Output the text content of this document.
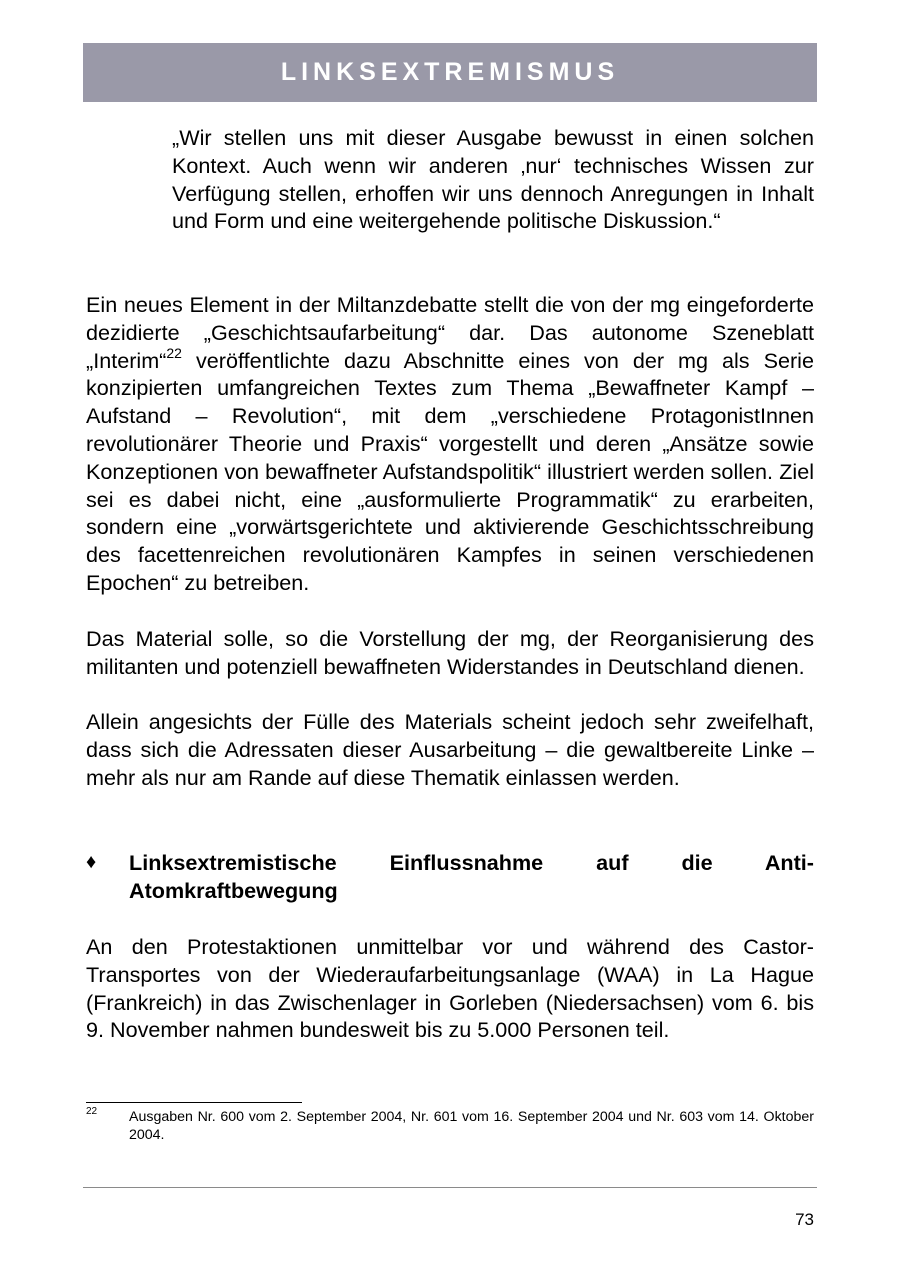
LINKSEXTREMISMUS

„Wir stellen uns mit dieser Ausgabe bewusst in einen solchen Kontext. Auch wenn wir anderen ‚nur‘ technisches Wissen zur Verfügung stellen, erhoffen wir uns dennoch Anregungen in Inhalt und Form und eine weitergehende politische Diskussion.“

Ein neues Element in der Miltanzdebatte stellt die von der mg eingeforderte dezidierte „Geschichtsaufarbeitung“ dar. Das autonome Szeneblatt „Interim“$^{22}$ veröffentlichte dazu Abschnitte eines von der mg als Serie konzipierten umfangreichen Textes zum Thema „Bewaffneter Kampf – Aufstand – Revolution“, mit dem „verschiedene ProtagonistInnen revolutionärer Theorie und Praxis“ vorgestellt und deren „Ansätze sowie Konzeptionen von bewaffneter Aufstandspolitik“ illustriert werden sollen. Ziel sei es dabei nicht, eine „ausformulierte Programmatik“ zu erarbeiten, sondern eine „vorwärtsgerichtete und aktivierende Geschichtsschreibung des facettenreichen revolutionären Kampfes in seinen verschiedenen Epochen“ zu betreiben.

Das Material solle, so die Vorstellung der mg, der Reorganisierung des militanten und potenziell bewaffneten Widerstandes in Deutschland dienen.

Allein angesichts der Fülle des Materials scheint jedoch sehr zweifelhaft, dass sich die Adressaten dieser Ausarbeitung – die gewaltbereite Linke – mehr als nur am Rande auf diese Thematik einlassen werden.

♦ Linksextremistische Einflussnahme auf die Anti-Atomkraftbewegung

An den Protestaktionen unmittelbar vor und während des Castor-Transportes von der Wiederaufarbeitungsanlage (WAA) in La Hague (Frankreich) in das Zwischenlager in Gorleben (Niedersachsen) vom 6. bis 9. November nahmen bundesweit bis zu 5.000 Personen teil.

22 Ausgaben Nr. 600 vom 2. September 2004, Nr. 601 vom 16. September 2004 und Nr. 603 vom 14. Oktober 2004.

73
